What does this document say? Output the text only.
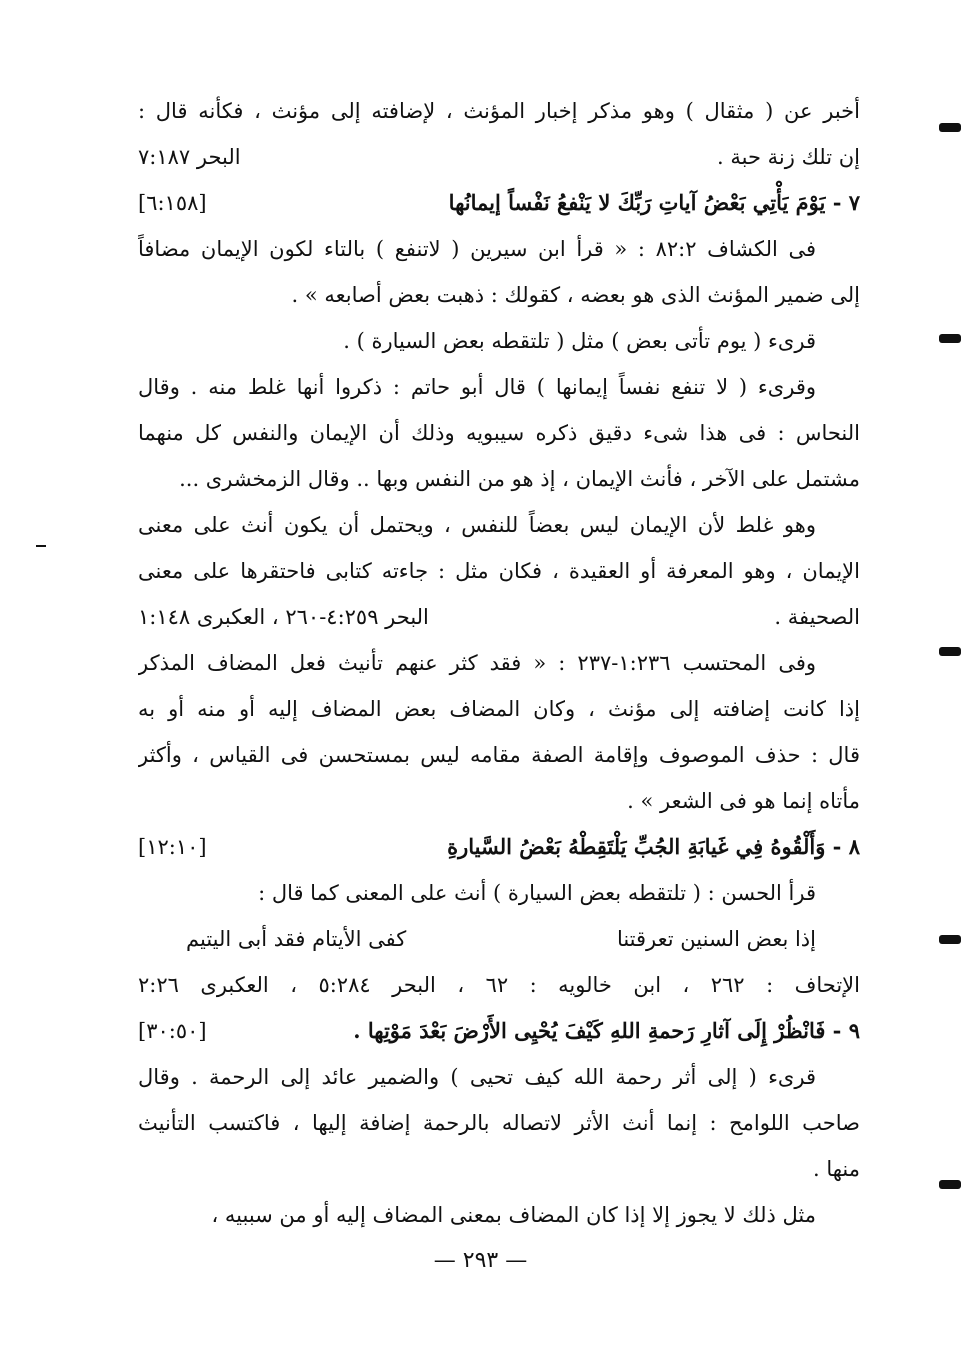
أخبر عن ( مثقال ) وهو مذكر إخبار المؤنث ، لإضافته إلى مؤنث ، فكأنه قال :
إن تلك زنة حبة .
البحر ٧:١٨٧
٧ - يَوْمَ يَأْتِي بَعْضُ آياتِ رَبِّكَ لا يَنْفعُ نَفْساً إيمانُها
[٦:١٥٨]
فى الكشاف ٨٢:٢ : « قرأ ابن سيرين ( لاتنفع ) بالتاء لكون الإيمان مضافاً
إلى ضمير المؤنث الذى هو بعضه ، كقولك : ذهبت بعض أصابعه » .
قرىء ( يوم تأتى بعض ) مثل ( تلتقطه بعض السيارة ) .
وقرىء ( لا تنفع نفساً إيمانها ) قال أبو حاتم : ذكروا أنها غلط منه . وقال
النحاس : فى هذا شىء دقيق ذكره سيبويه وذلك أن الإيمان والنفس كل منهما
مشتمل على الآخر ، فأنث الإيمان ، إذ هو من النفس وبها .. وقال الزمخشرى ...
وهو غلط لأن الإيمان ليس بعضاً للنفس ، ويحتمل أن يكون أنث على معنى
الإيمان ، وهو المعرفة أو العقيدة ، فكان مثل : جاءته كتابى فاحتقرها على معنى
الصحيفة .
البحر ٤:٢٥٩-٢٦٠ ، العكبرى ١:١٤٨
وفى المحتسب ١:٢٣٦-٢٣٧ : « فقد كثر عنهم تأنيث فعل المضاف المذكر
إذا كانت إضافته إلى مؤنث ، وكان المضاف بعض المضاف إليه أو منه أو به
قال : حذف الموصوف وإقامة الصفة مقامه ليس بمستحسن فى القياس ، وأكثر
مأتاه إنما هو فى الشعر » .
٨ - وَأَلْقُوهُ فِي غَيابَةِ الجُبِّ يَلْتَقِطْهُ بَعْضُ السَّيارةِ
[١٢:١٠]
قرأ الحسن : ( تلتقطه بعض السيارة ) أنث على المعنى كما قال :
إذا بعض السنين تعرقتنا
كفى الأيتام فقد أبى اليتيم
الإتحاف : ٢٦٢ ، ابن خالويه : ٦٢ ، البحر ٥:٢٨٤ ، العكبرى ٢:٢٦
٩ - فَانْظُرْ إِلَى آثارِ رَحمةِ اللهِ كَيْفَ يُحْيِى الأَرْضَ بَعْدَ مَوْتِها .
[٣٠:٥٠]
قرىء ( إلى أثر رحمة الله كيف تحيى ) والضمير عائد إلى الرحمة . وقال
صاحب اللوامح : إنما أنث الأثر لاتصاله بالرحمة إضافة إليها ، فاكتسب التأنيث
منها .
مثل ذلك لا يجوز إلا إذا كان المضاف بمعنى المضاف إليه أو من سببيه ،
— ٢٩٣ —
